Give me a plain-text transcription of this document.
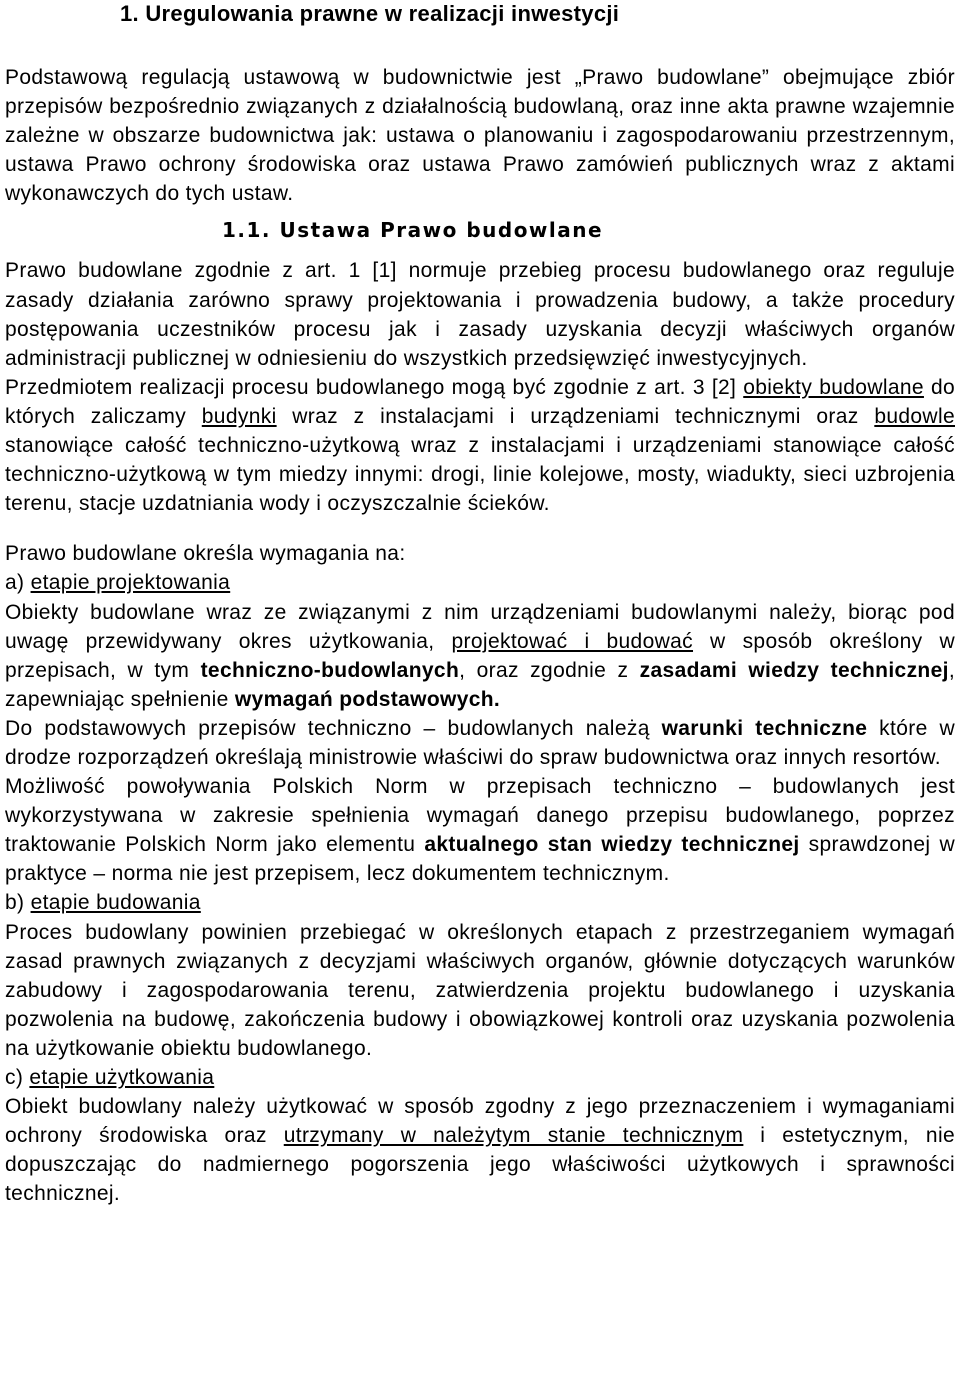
1. Uregulowania prawne w realizacji inwestycji

Podstawową regulacją ustawową w budownictwie jest „Prawo budowlane” obejmujące zbiór przepisów bezpośrednio związanych z działalnością budowlaną, oraz inne akta prawne wzajemnie zależne w obszarze budownictwa jak: ustawa o planowaniu i zagospodarowaniu przestrzennym, ustawa Prawo ochrony środowiska oraz ustawa Prawo zamówień publicznych wraz z aktami wykonawczych do tych ustaw.

1.1. Ustawa Prawo budowlane

Prawo budowlane zgodnie z art. 1 [1] normuje przebieg procesu budowlanego oraz reguluje zasady działania zarówno sprawy projektowania i prowadzenia budowy, a także procedury postępowania uczestników procesu jak i zasady uzyskania decyzji właściwych organów administracji publicznej w odniesieniu do wszystkich przedsięwzięć inwestycyjnych.

Przedmiotem realizacji procesu budowlanego mogą być zgodnie z art. 3 [2] obiekty budowlane do których zaliczamy budynki wraz z instalacjami i urządzeniami technicznymi oraz budowle stanowiące całość techniczno-użytkową wraz z instalacjami i urządzeniami stanowiące całość techniczno-użytkową w tym miedzy innymi: drogi, linie kolejowe, mosty, wiadukty, sieci uzbrojenia terenu, stacje uzdatniania wody i oczyszczalnie ścieków.

Prawo budowlane określa wymagania na:

a) etapie projektowania

Obiekty budowlane wraz ze związanymi z nim urządzeniami budowlanymi należy, biorąc pod uwagę przewidywany okres użytkowania, projektować i budować w sposób określony w przepisach, w tym techniczno-budowlanych, oraz zgodnie z zasadami wiedzy technicznej, zapewniając spełnienie wymagań podstawowych.

Do podstawowych przepisów techniczno – budowlanych należą warunki techniczne które w drodze rozporządzeń określają ministrowie właściwi do spraw budownictwa oraz innych resortów.

Możliwość powoływania Polskich Norm w przepisach techniczno – budowlanych jest wykorzystywana w zakresie spełnienia wymagań danego przepisu budowlanego, poprzez traktowanie Polskich Norm jako elementu aktualnego stan wiedzy technicznej sprawdzonej w praktyce – norma nie jest przepisem, lecz dokumentem technicznym.

b) etapie budowania

Proces budowlany powinien przebiegać w określonych etapach z przestrzeganiem wymagań zasad prawnych związanych z decyzjami właściwych organów, głównie dotyczących warunków zabudowy i zagospodarowania terenu, zatwierdzenia projektu budowlanego i uzyskania pozwolenia na budowę, zakończenia budowy i obowiązkowej kontroli oraz uzyskania pozwolenia na użytkowanie obiektu budowlanego.

c) etapie użytkowania

Obiekt budowlany należy użytkować w sposób zgodny z jego przeznaczeniem i wymaganiami ochrony środowiska oraz utrzymany w należytym stanie technicznym i estetycznym, nie dopuszczając do nadmiernego pogorszenia jego właściwości użytkowych i sprawności technicznej.
